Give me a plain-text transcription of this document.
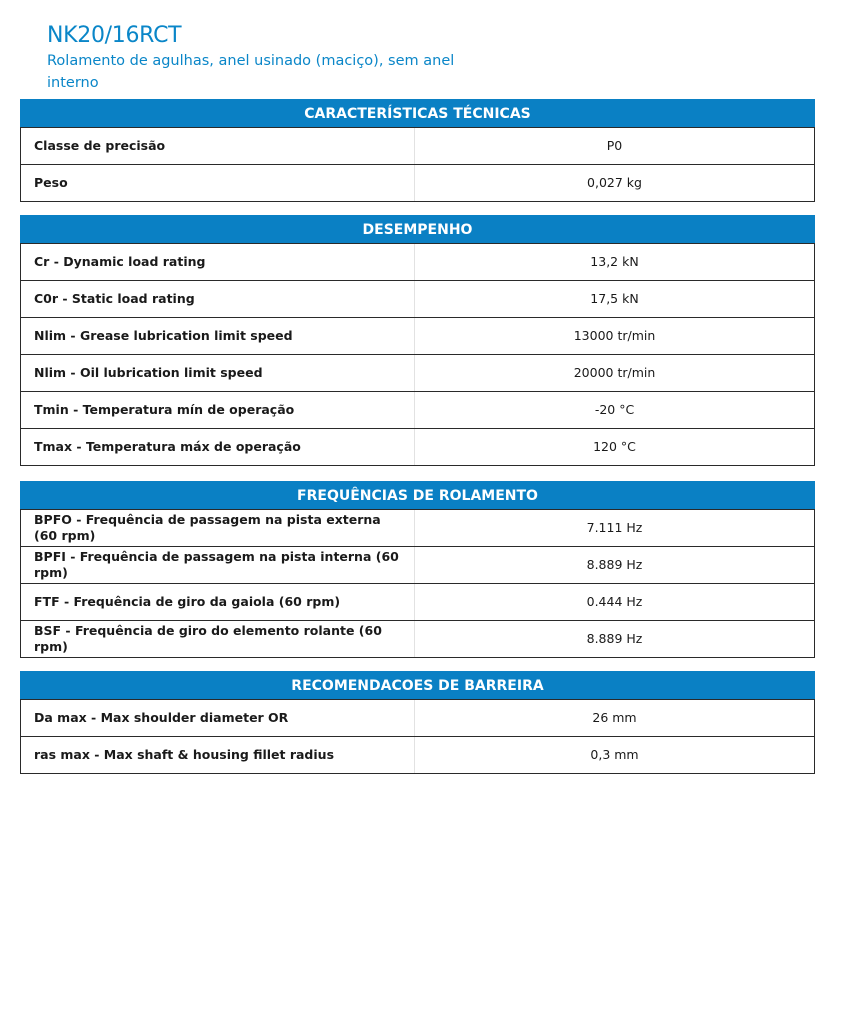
NK20/16RCT
Rolamento de agulhas, anel usinado (maciço), sem anel interno
CARACTERÍSTICAS TÉCNICAS
Classe de precisão	P0
Peso	0,027 kg
DESEMPENHO
Cr - Dynamic load rating	13,2 kN
C0r - Static load rating	17,5 kN
Nlim - Grease lubrication limit speed	13000 tr/min
Nlim - Oil lubrication limit speed	20000 tr/min
Tmin - Temperatura mín de operação	-20 °C
Tmax - Temperatura máx de operação	120 °C
FREQUÊNCIAS DE ROLAMENTO
BPFO - Frequência de passagem na pista externa (60 rpm)	7.111 Hz
BPFI - Frequência de passagem na pista interna (60 rpm)	8.889 Hz
FTF - Frequência de giro da gaiola (60 rpm)	0.444 Hz
BSF - Frequência de giro do elemento rolante (60 rpm)	8.889 Hz
RECOMENDACOES DE BARREIRA
Da max - Max shoulder diameter OR	26 mm
ras max - Max shaft & housing fillet radius	0,3 mm
